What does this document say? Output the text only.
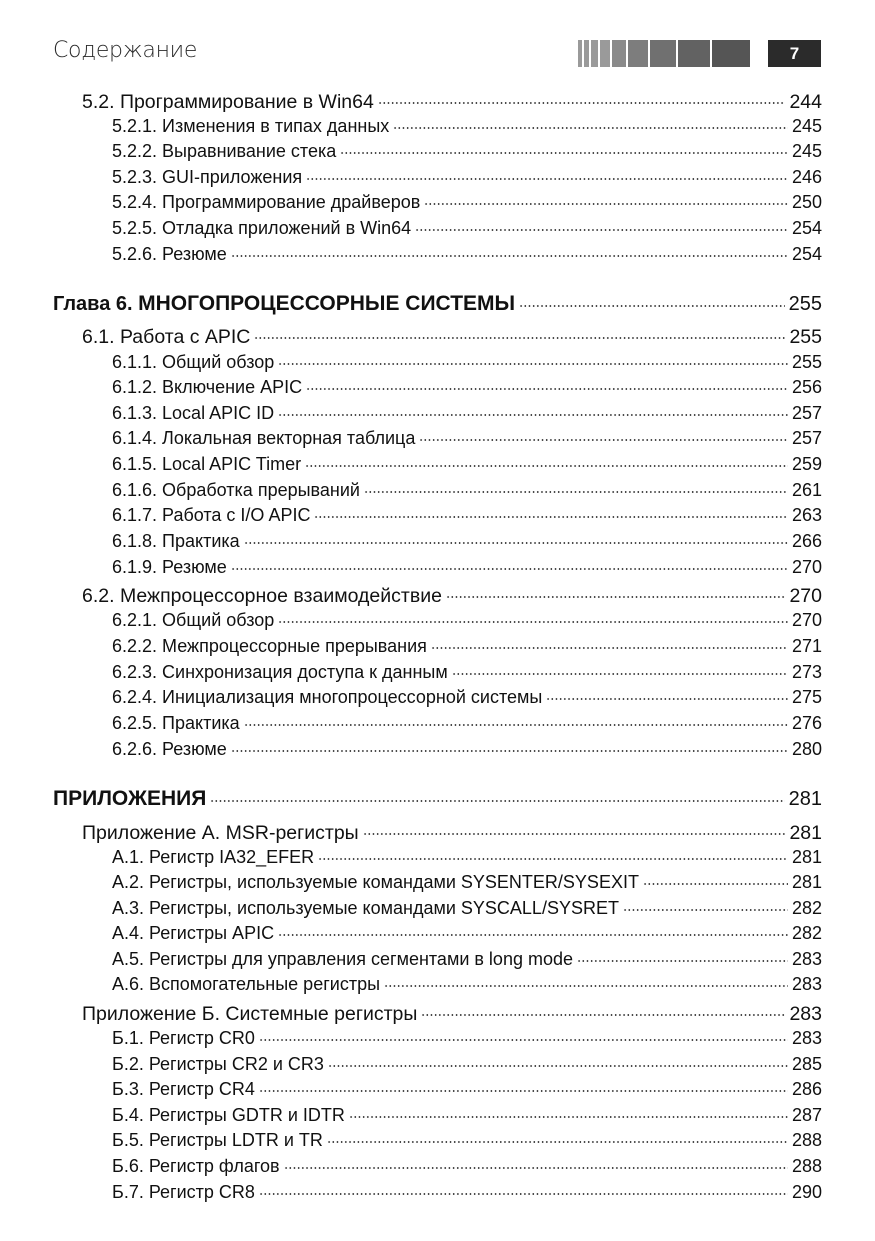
Содержание	7
5.2. Программирование в Win64	244
5.2.1. Изменения в типах данных	245
5.2.2. Выравнивание стека	245
5.2.3. GUI-приложения	246
5.2.4. Программирование драйверов	250
5.2.5. Отладка приложений в Win64	254
5.2.6. Резюме	254
Глава 6. МНОГОПРОЦЕССОРНЫЕ СИСТЕМЫ	255
6.1. Работа с APIC	255
6.1.1. Общий обзор	255
6.1.2. Включение APIC	256
6.1.3. Local APIC ID	257
6.1.4. Локальная векторная таблица	257
6.1.5. Local APIC Timer	259
6.1.6. Обработка прерываний	261
6.1.7. Работа с I/O APIC	263
6.1.8. Практика	266
6.1.9. Резюме	270
6.2. Межпроцессорное взаимодействие	270
6.2.1. Общий обзор	270
6.2.2. Межпроцессорные прерывания	271
6.2.3. Синхронизация доступа к данным	273
6.2.4. Инициализация многопроцессорной системы	275
6.2.5. Практика	276
6.2.6. Резюме	280
ПРИЛОЖЕНИЯ	281
Приложение А. MSR-регистры	281
А.1. Регистр IA32_EFER	281
А.2. Регистры, используемые командами SYSENTER/SYSEXIT	281
А.3. Регистры, используемые командами SYSCALL/SYSRET	282
А.4. Регистры APIC	282
А.5. Регистры для управления сегментами в long mode	283
А.6. Вспомогательные регистры	283
Приложение Б. Системные регистры	283
Б.1. Регистр CR0	283
Б.2. Регистры CR2 и CR3	285
Б.3. Регистр CR4	286
Б.4. Регистры GDTR и IDTR	287
Б.5. Регистры LDTR и TR	288
Б.6. Регистр флагов	288
Б.7. Регистр CR8	290
